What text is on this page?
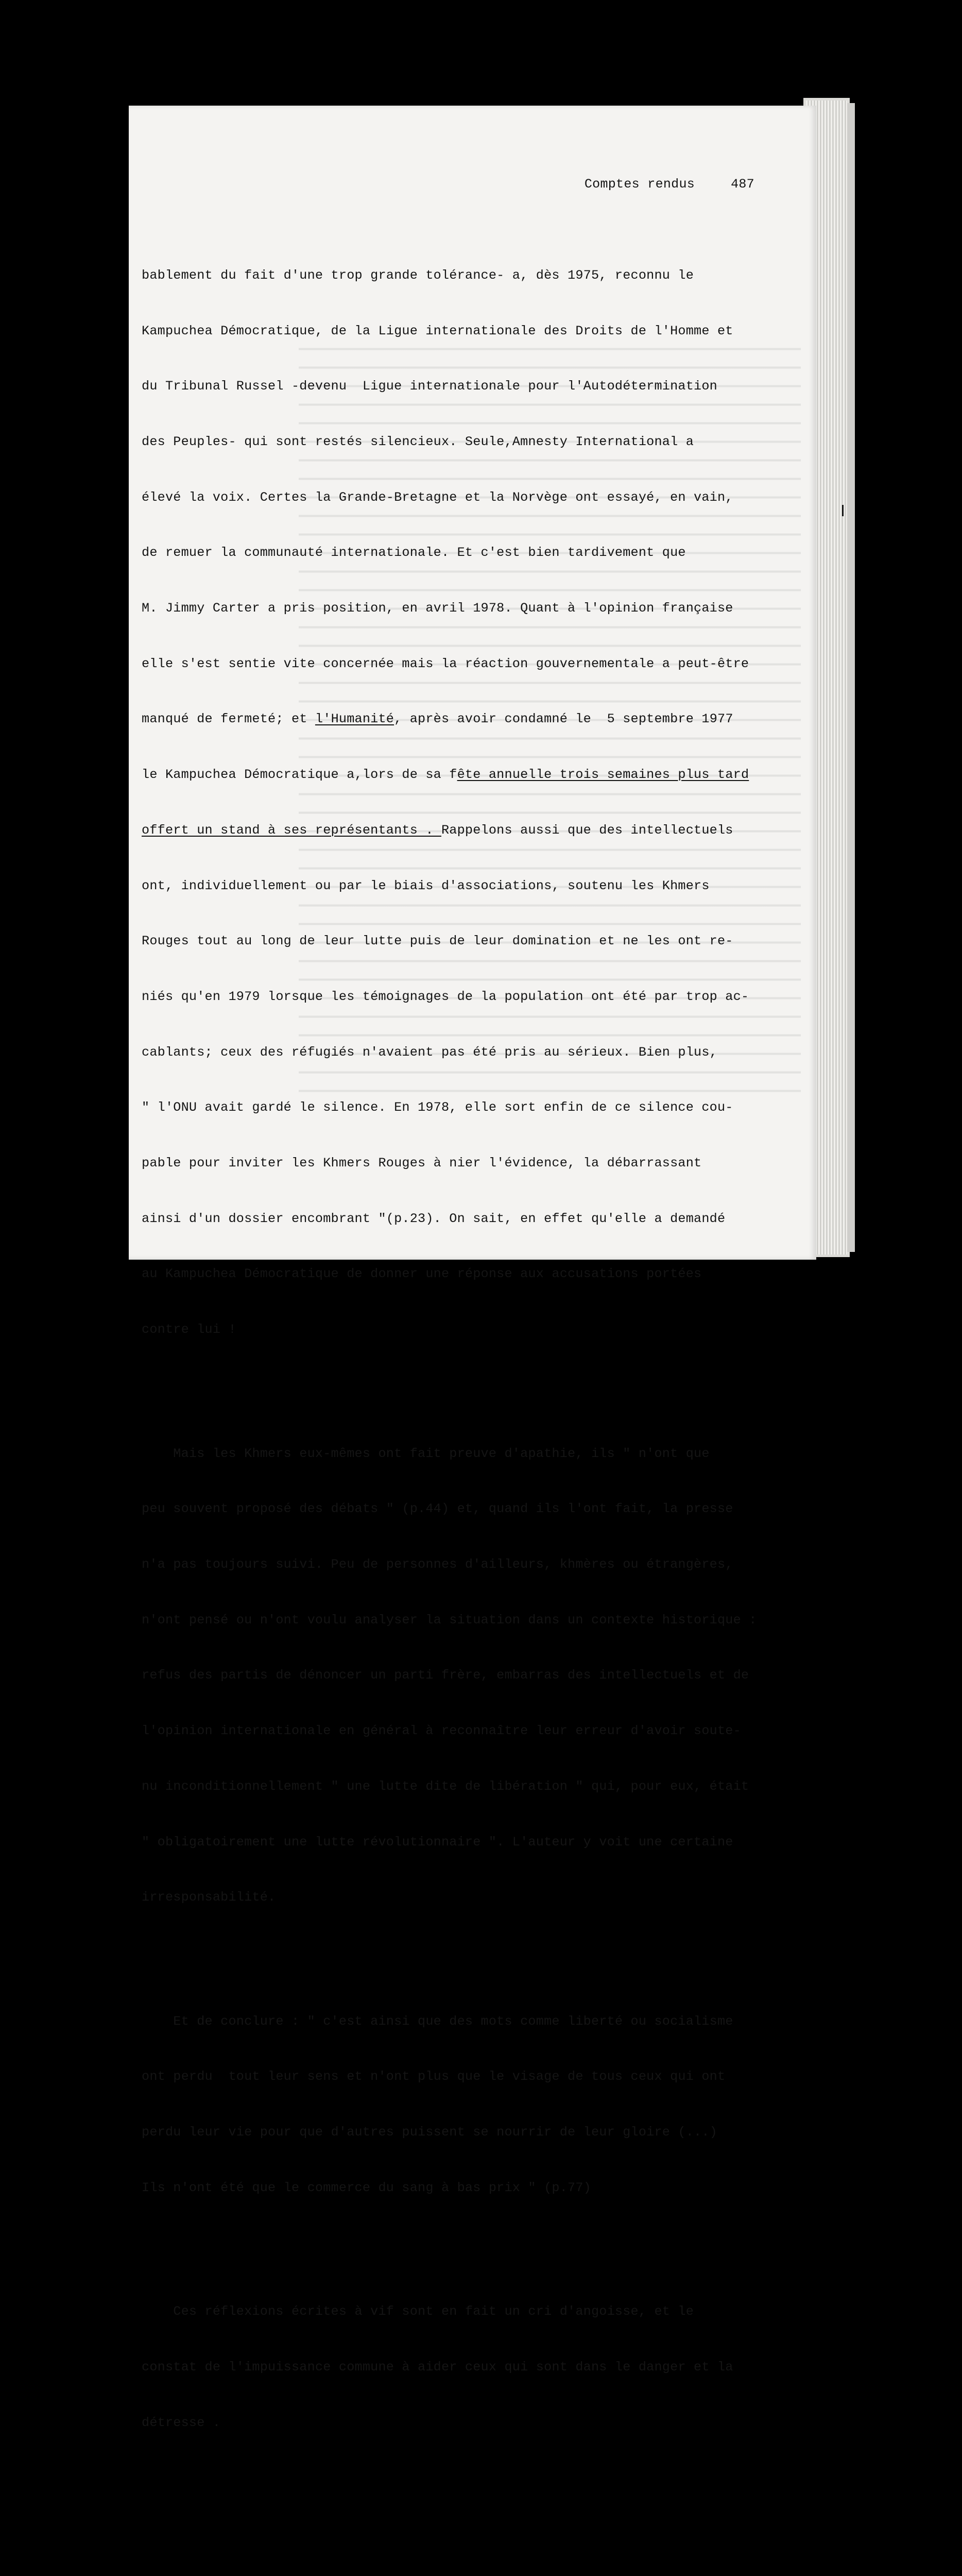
Comptes rendus	487

bablement du fait d'une trop grande tolérance- a, dès 1975, reconnu le

Kampuchea Démocratique, de la Ligue internationale des Droits de l'Homme et

du Tribunal Russel -devenu  Ligue internationale pour l'Autodétermination

des Peuples- qui sont restés silencieux. Seule,Amnesty International a

élevé la voix. Certes la Grande-Bretagne et la Norvège ont essayé, en vain,

de remuer la communauté internationale. Et c'est bien tardivement que

M. Jimmy Carter a pris position, en avril 1978. Quant à l'opinion française

elle s'est sentie vite concernée mais la réaction gouvernementale a peut-être

manqué de fermeté; et l'Humanité, après avoir condamné le  5 septembre 1977

le Kampuchea Démocratique a,lors de sa fête annuelle trois semaines plus tard

offert un stand à ses représentants . Rappelons aussi que des intellectuels

ont, individuellement ou par le biais d'associations, soutenu les Khmers

Rouges tout au long de leur lutte puis de leur domination et ne les ont re-

niés qu'en 1979 lorsque les témoignages de la population ont été par trop ac-

cablants; ceux des réfugiés n'avaient pas été pris au sérieux. Bien plus,

" l'ONU avait gardé le silence. En 1978, elle sort enfin de ce silence cou-

pable pour inviter les Khmers Rouges à nier l'évidence, la débarrassant

ainsi d'un dossier encombrant "(p.23). On sait, en effet qu'elle a demandé

au Kampuchea Démocratique de donner une réponse aux accusations portées

contre lui !

Mais les Khmers eux-mêmes ont fait preuve d'apathie, ils " n'ont que

peu souvent proposé des débats " (p.44) et, quand ils l'ont fait, la presse

n'a pas toujours suivi. Peu de personnes d'ailleurs, khmères ou étrangères,

n'ont pensé ou n'ont voulu analyser la situation dans un contexte historique :

refus des partis de dénoncer un parti frère, embarras des intellectuels et de

l'opinion internationale en général à reconnaître leur erreur d'avoir soute-

nu inconditionnellement " une lutte dite de libération " qui, pour eux, était

" obligatoirement une lutte révolutionnaire ". L'auteur y voit une certaine

irresponsabilité.

Et de conclure : " c'est ainsi que des mots comme liberté ou socialisme

ont perdu  tout leur sens et n'ont plus que le visage de tous ceux qui ont

perdu leur vie pour que d'autres puissent se nourrir de leur gloire (...)

Ils n'ont été que le commerce du sang à bas prix " (p.77)

Ces réflexions écrites à vif sont en fait un cri d'angoisse, et le

constat de l'impuissance commune à aider ceux qui sont dans le danger et la

détresse .
